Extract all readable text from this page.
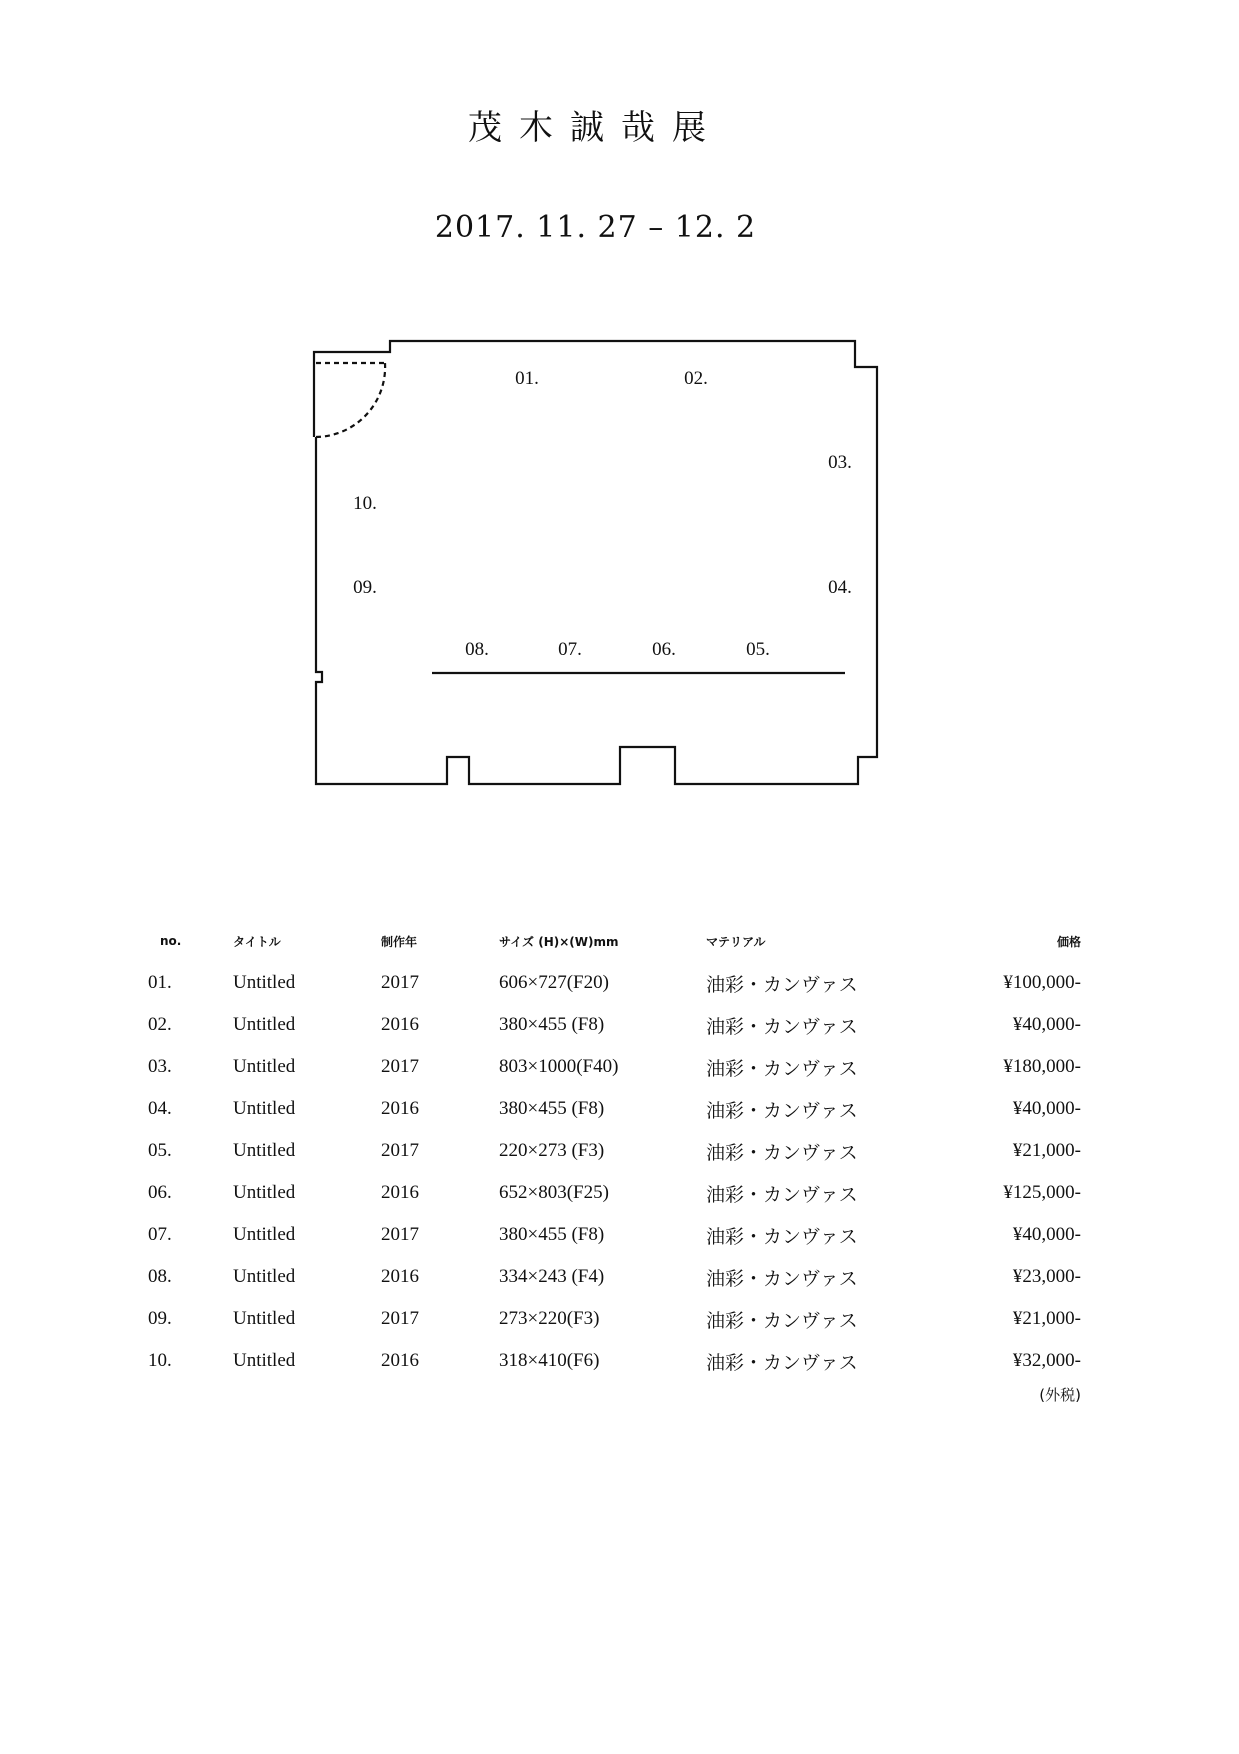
茂木誠哉展
2017. 11. 27 – 12. 2
01.	02.
03.
04.
05.
06.
07.
08.
09.
10.
no.	タイトル	制作年	サイズ (H)×(W)mm	マテリアル	価格
01.	Untitled	2017	606×727(F20)	油彩・カンヴァス	¥100,000-
02.	Untitled	2016	380×455 (F8)	油彩・カンヴァス	¥40,000-
03.	Untitled	2017	803×1000(F40)	油彩・カンヴァス	¥180,000-
04.	Untitled	2016	380×455 (F8)	油彩・カンヴァス	¥40,000-
05.	Untitled	2017	220×273 (F3)	油彩・カンヴァス	¥21,000-
06.	Untitled	2016	652×803(F25)	油彩・カンヴァス	¥125,000-
07.	Untitled	2017	380×455 (F8)	油彩・カンヴァス	¥40,000-
08.	Untitled	2016	334×243 (F4)	油彩・カンヴァス	¥23,000-
09.	Untitled	2017	273×220(F3)	油彩・カンヴァス	¥21,000-
10.	Untitled	2016	318×410(F6)	油彩・カンヴァス	¥32,000-
(外税)
